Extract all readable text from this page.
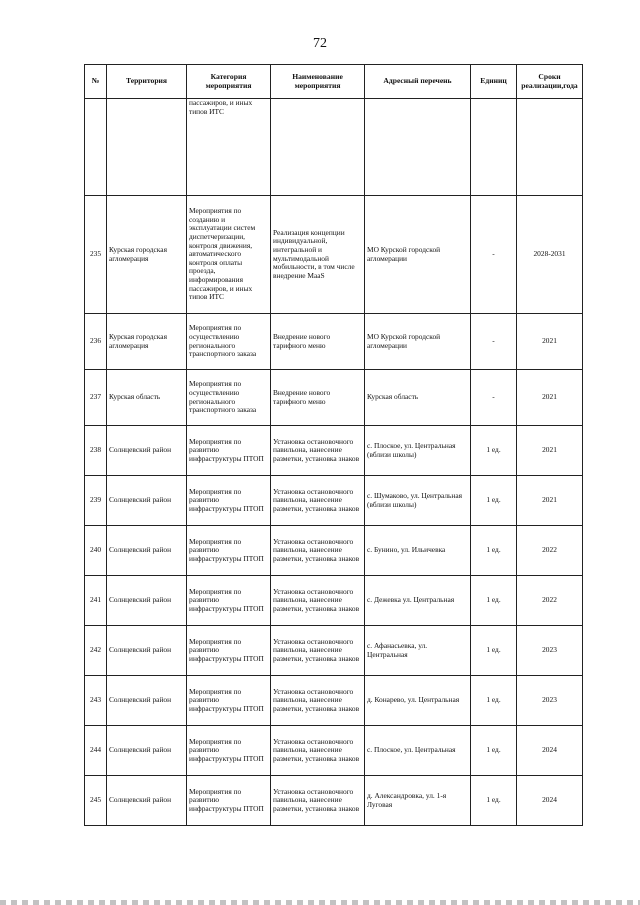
72
№	Территория	Категория мероприятия	Наименование мероприятия	Адресный перечень	Единиц	Сроки реализации,года
		пассажиров, и иных типов ИТС				
235	Курская городская агломерация	Мероприятия по созданию и эксплуатации систем диспетчеризации, контроля движения, автоматического контроля оплаты проезда, информирования пассажиров, и иных типов ИТС	Реализация концепции индивидуальной, интегральной и мультимодальной мобильности, в том числе внедрение MaaS	МО Курской городской агломерации	-	2028-2031
236	Курская городская агломерация	Мероприятия по осуществлению регионального транспортного заказа	Внедрение нового тарифного меню	МО Курской городской агломерации	-	2021
237	Курская область	Мероприятия по осуществлению регионального транспортного заказа	Внедрение нового тарифного меню	Курская область	-	2021
238	Солнцевский район	Мероприятия по развитию инфраструктуры ПТОП	Установка остановочного павильона, нанесение разметки, установка знаков	с. Плоское, ул. Центральная (вблизи школы)	1 ед.	2021
239	Солнцевский район	Мероприятия по развитию инфраструктуры ПТОП	Установка остановочного павильона, нанесение разметки, установка знаков	с. Шумаково, ул. Центральная (вблизи школы)	1 ед.	2021
240	Солнцевский район	Мероприятия по развитию инфраструктуры ПТОП	Установка остановочного павильона, нанесение разметки, установка знаков	с. Бунино, ул. Ильичевка	1 ед.	2022
241	Солнцевский район	Мероприятия по развитию инфраструктуры ПТОП	Установка остановочного павильона, нанесение разметки, установка знаков	с. Дежевка ул. Центральная	1 ед.	2022
242	Солнцевский район	Мероприятия по развитию инфраструктуры ПТОП	Установка остановочного павильона, нанесение разметки, установка знаков	с. Афанасьевка, ул. Центральная	1 ед.	2023
243	Солнцевский район	Мероприятия по развитию инфраструктуры ПТОП	Установка остановочного павильона, нанесение разметки, установка знаков	д. Конарево, ул. Центральная	1 ед.	2023
244	Солнцевский район	Мероприятия по развитию инфраструктуры ПТОП	Установка остановочного павильона, нанесение разметки, установка знаков	с. Плоское, ул. Центральная	1 ед.	2024
245	Солнцевский район	Мероприятия по развитию инфраструктуры ПТОП	Установка остановочного павильона, нанесение разметки, установка знаков	д. Александровка, ул. 1-я Луговая	1 ед.	2024
